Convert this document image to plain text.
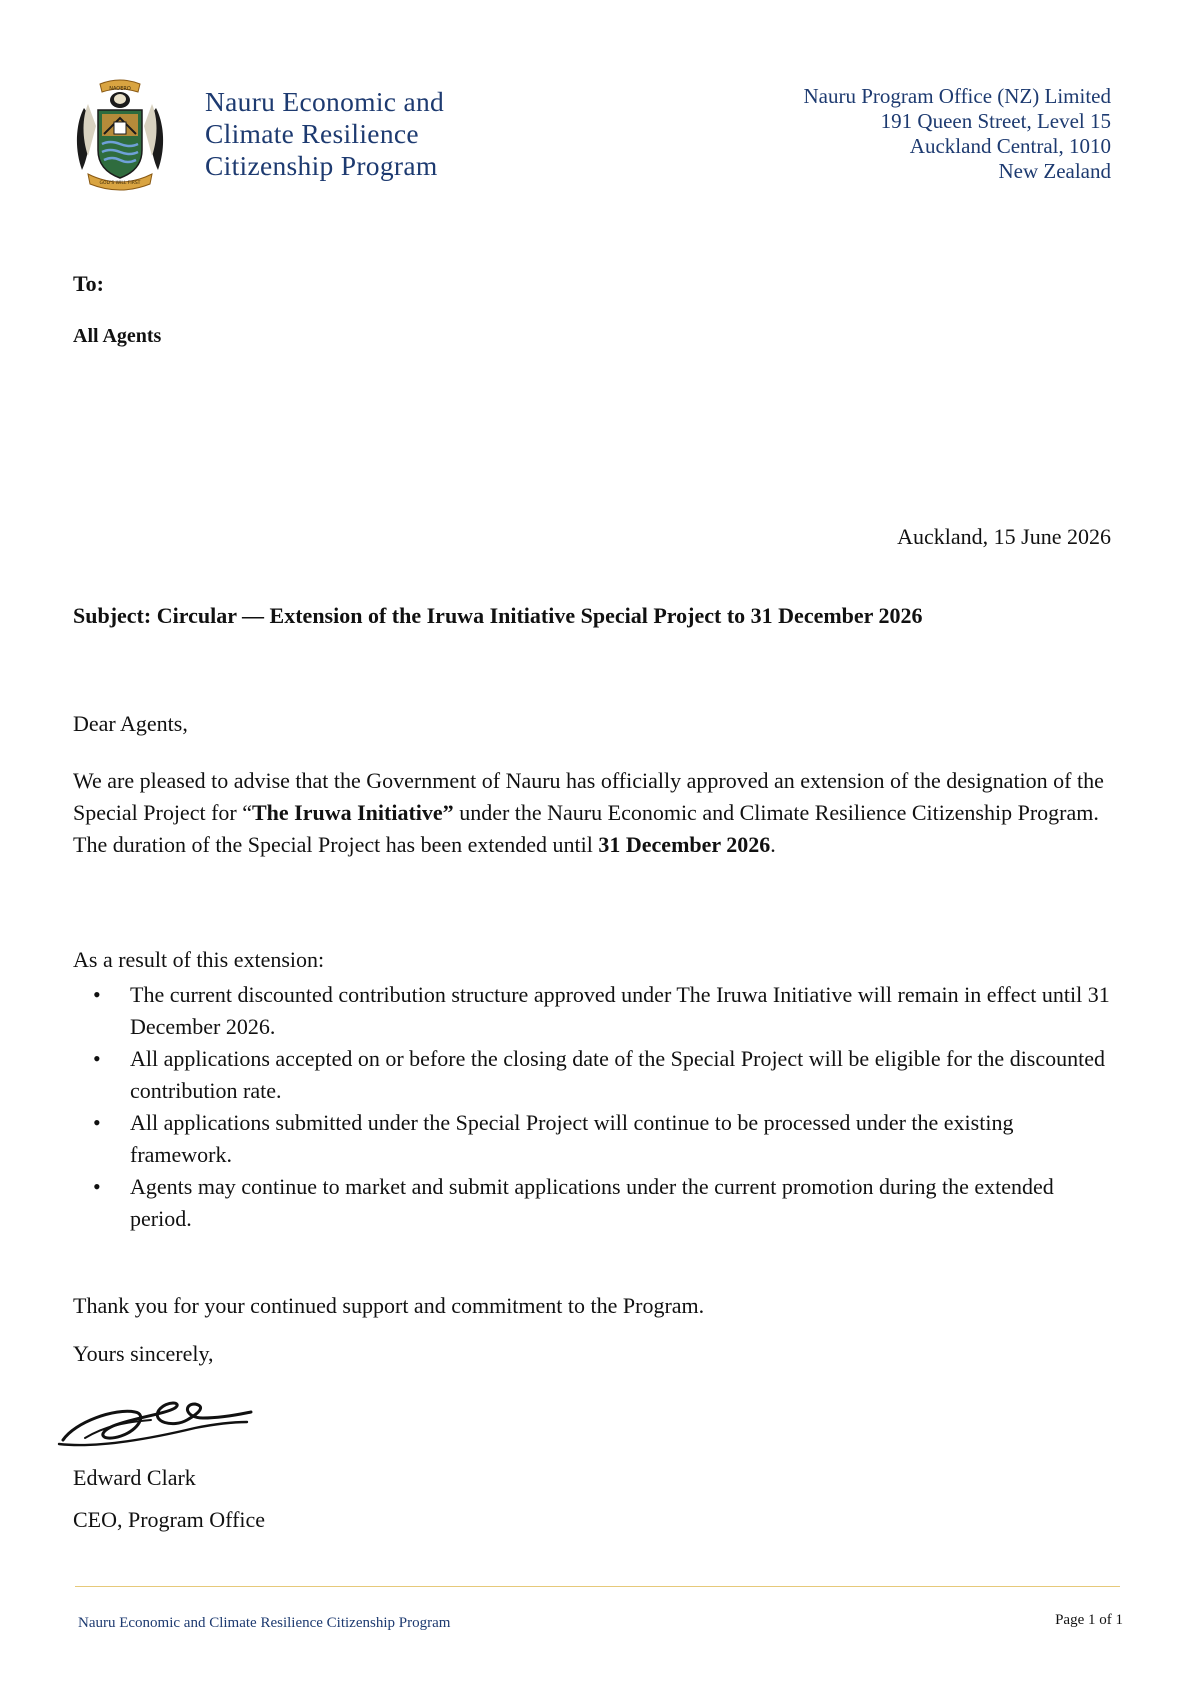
NAOERO
GOD'S WILL FIRST
Nauru Economic and
Climate Resilience
Citizenship Program
Nauru Program Office (NZ) Limited
191 Queen Street, Level 15
Auckland Central, 1010
New Zealand
To:
All Agents
Auckland, 15 June 2026
Subject: Circular — Extension of the Iruwa Initiative Special Project to 31 December 2026
Dear Agents,
We are pleased to advise that the Government of Nauru has officially approved an extension of the designation of the Special Project for “The Iruwa Initiative” under the Nauru Economic and Climate Resilience Citizenship Program. The duration of the Special Project has been extended until 31 December 2026.
As a result of this extension:
• The current discounted contribution structure approved under The Iruwa Initiative will remain in effect until 31 December 2026.
• All applications accepted on or before the closing date of the Special Project will be eligible for the discounted contribution rate.
• All applications submitted under the Special Project will continue to be processed under the existing framework.
• Agents may continue to market and submit applications under the current promotion during the extended period.
Thank you for your continued support and commitment to the Program.
Yours sincerely,
Edward Clark
CEO, Program Office
Nauru Economic and Climate Resilience Citizenship Program	Page 1 of 1
